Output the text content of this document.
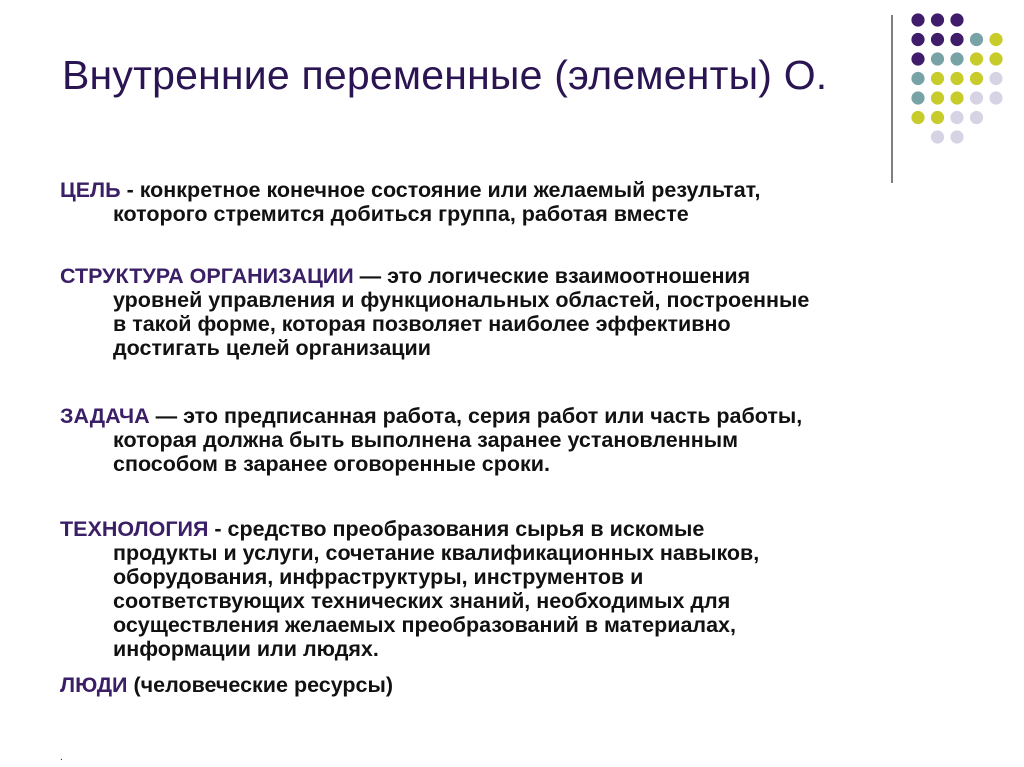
Внутренние переменные (элементы) О.
ЦЕЛЬ - конкретное конечное состояние или желаемый результат,
которого стремится добиться группа, работая вместе
СТРУКТУРА ОРГАНИЗАЦИИ — это логические взаимоотношения
уровней управления и функциональных областей, построенные
в такой форме, которая позволяет наиболее эффективно
достигать целей организации
ЗАДАЧА — это предписанная работа, серия работ или часть работы,
которая должна быть выполнена заранее установленным
способом в заранее оговоренные сроки.
ТЕХНОЛОГИЯ - средство преобразования сырья в искомые
продукты и услуги, сочетание квалификационных навыков,
оборудования, инфраструктуры, инструментов и
соответствующих технических знаний, необходимых для
осуществления желаемых преобразований в материалах,
информации или людях.
ЛЮДИ (человеческие ресурсы)
.
